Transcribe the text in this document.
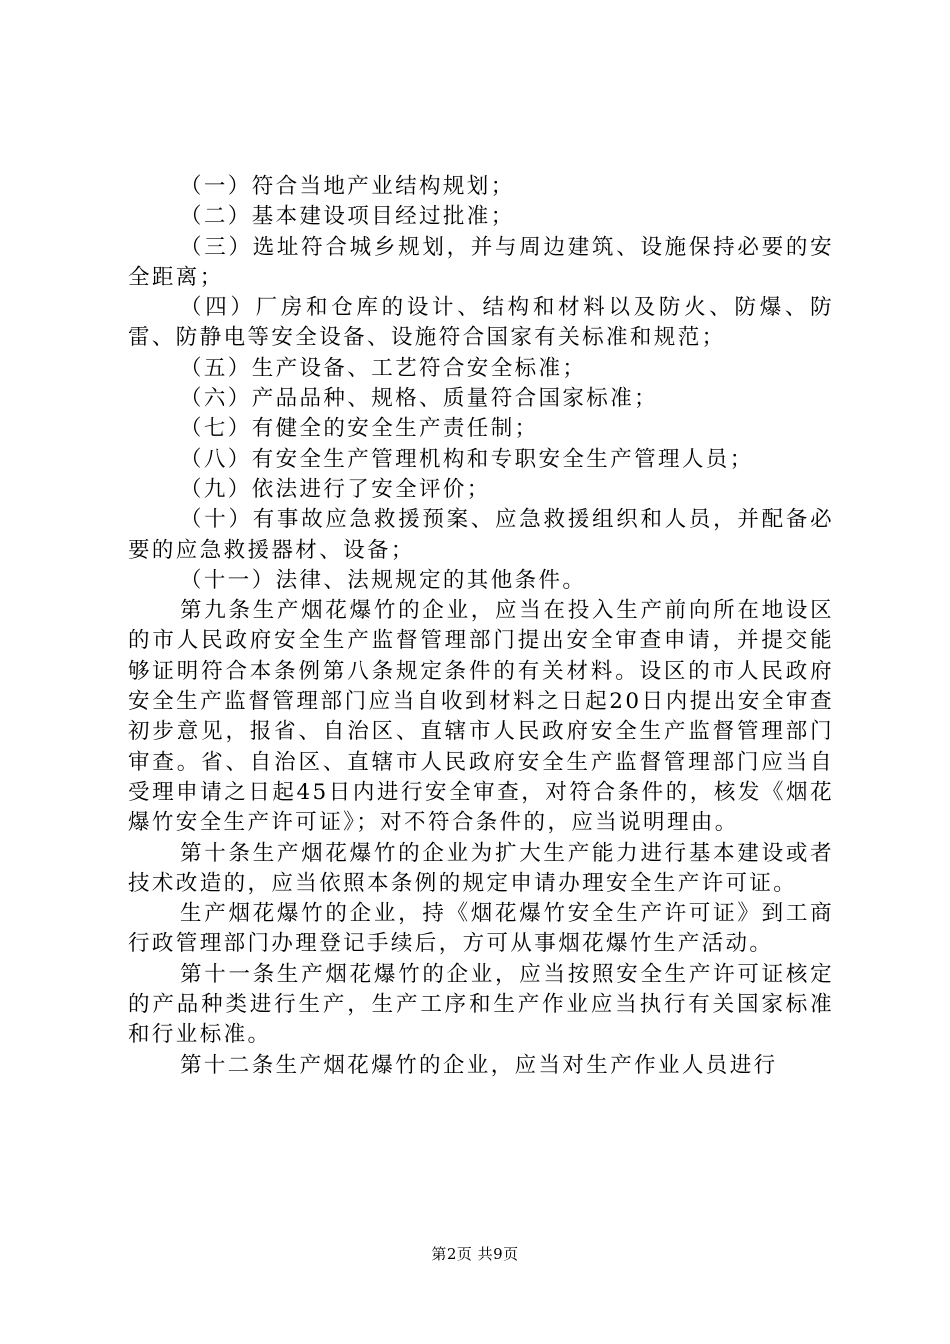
（一）符合当地产业结构规划；

（二）基本建设项目经过批准；

（三）选址符合城乡规划，并与周边建筑、设施保持必要的安全距离；

（四）厂房和仓库的设计、结构和材料以及防火、防爆、防雷、防静电等安全设备、设施符合国家有关标准和规范；

（五）生产设备、工艺符合安全标准；

（六）产品品种、规格、质量符合国家标准；

（七）有健全的安全生产责任制；

（八）有安全生产管理机构和专职安全生产管理人员；

（九）依法进行了安全评价；

（十）有事故应急救援预案、应急救援组织和人员，并配备必要的应急救援器材、设备；

（十一）法律、法规规定的其他条件。

第九条生产烟花爆竹的企业，应当在投入生产前向所在地设区的市人民政府安全生产监督管理部门提出安全审查申请，并提交能够证明符合本条例第八条规定条件的有关材料。设区的市人民政府安全生产监督管理部门应当自收到材料之日起20日内提出安全审查初步意见，报省、自治区、直辖市人民政府安全生产监督管理部门审查。省、自治区、直辖市人民政府安全生产监督管理部门应当自受理申请之日起45日内进行安全审查，对符合条件的，核发《烟花爆竹安全生产许可证》；对不符合条件的，应当说明理由。

第十条生产烟花爆竹的企业为扩大生产能力进行基本建设或者技术改造的，应当依照本条例的规定申请办理安全生产许可证。

生产烟花爆竹的企业，持《烟花爆竹安全生产许可证》到工商行政管理部门办理登记手续后，方可从事烟花爆竹生产活动。

第十一条生产烟花爆竹的企业，应当按照安全生产许可证核定的产品种类进行生产，生产工序和生产作业应当执行有关国家标准和行业标准。

第十二条生产烟花爆竹的企业，应当对生产作业人员进行

第2页 共9页
